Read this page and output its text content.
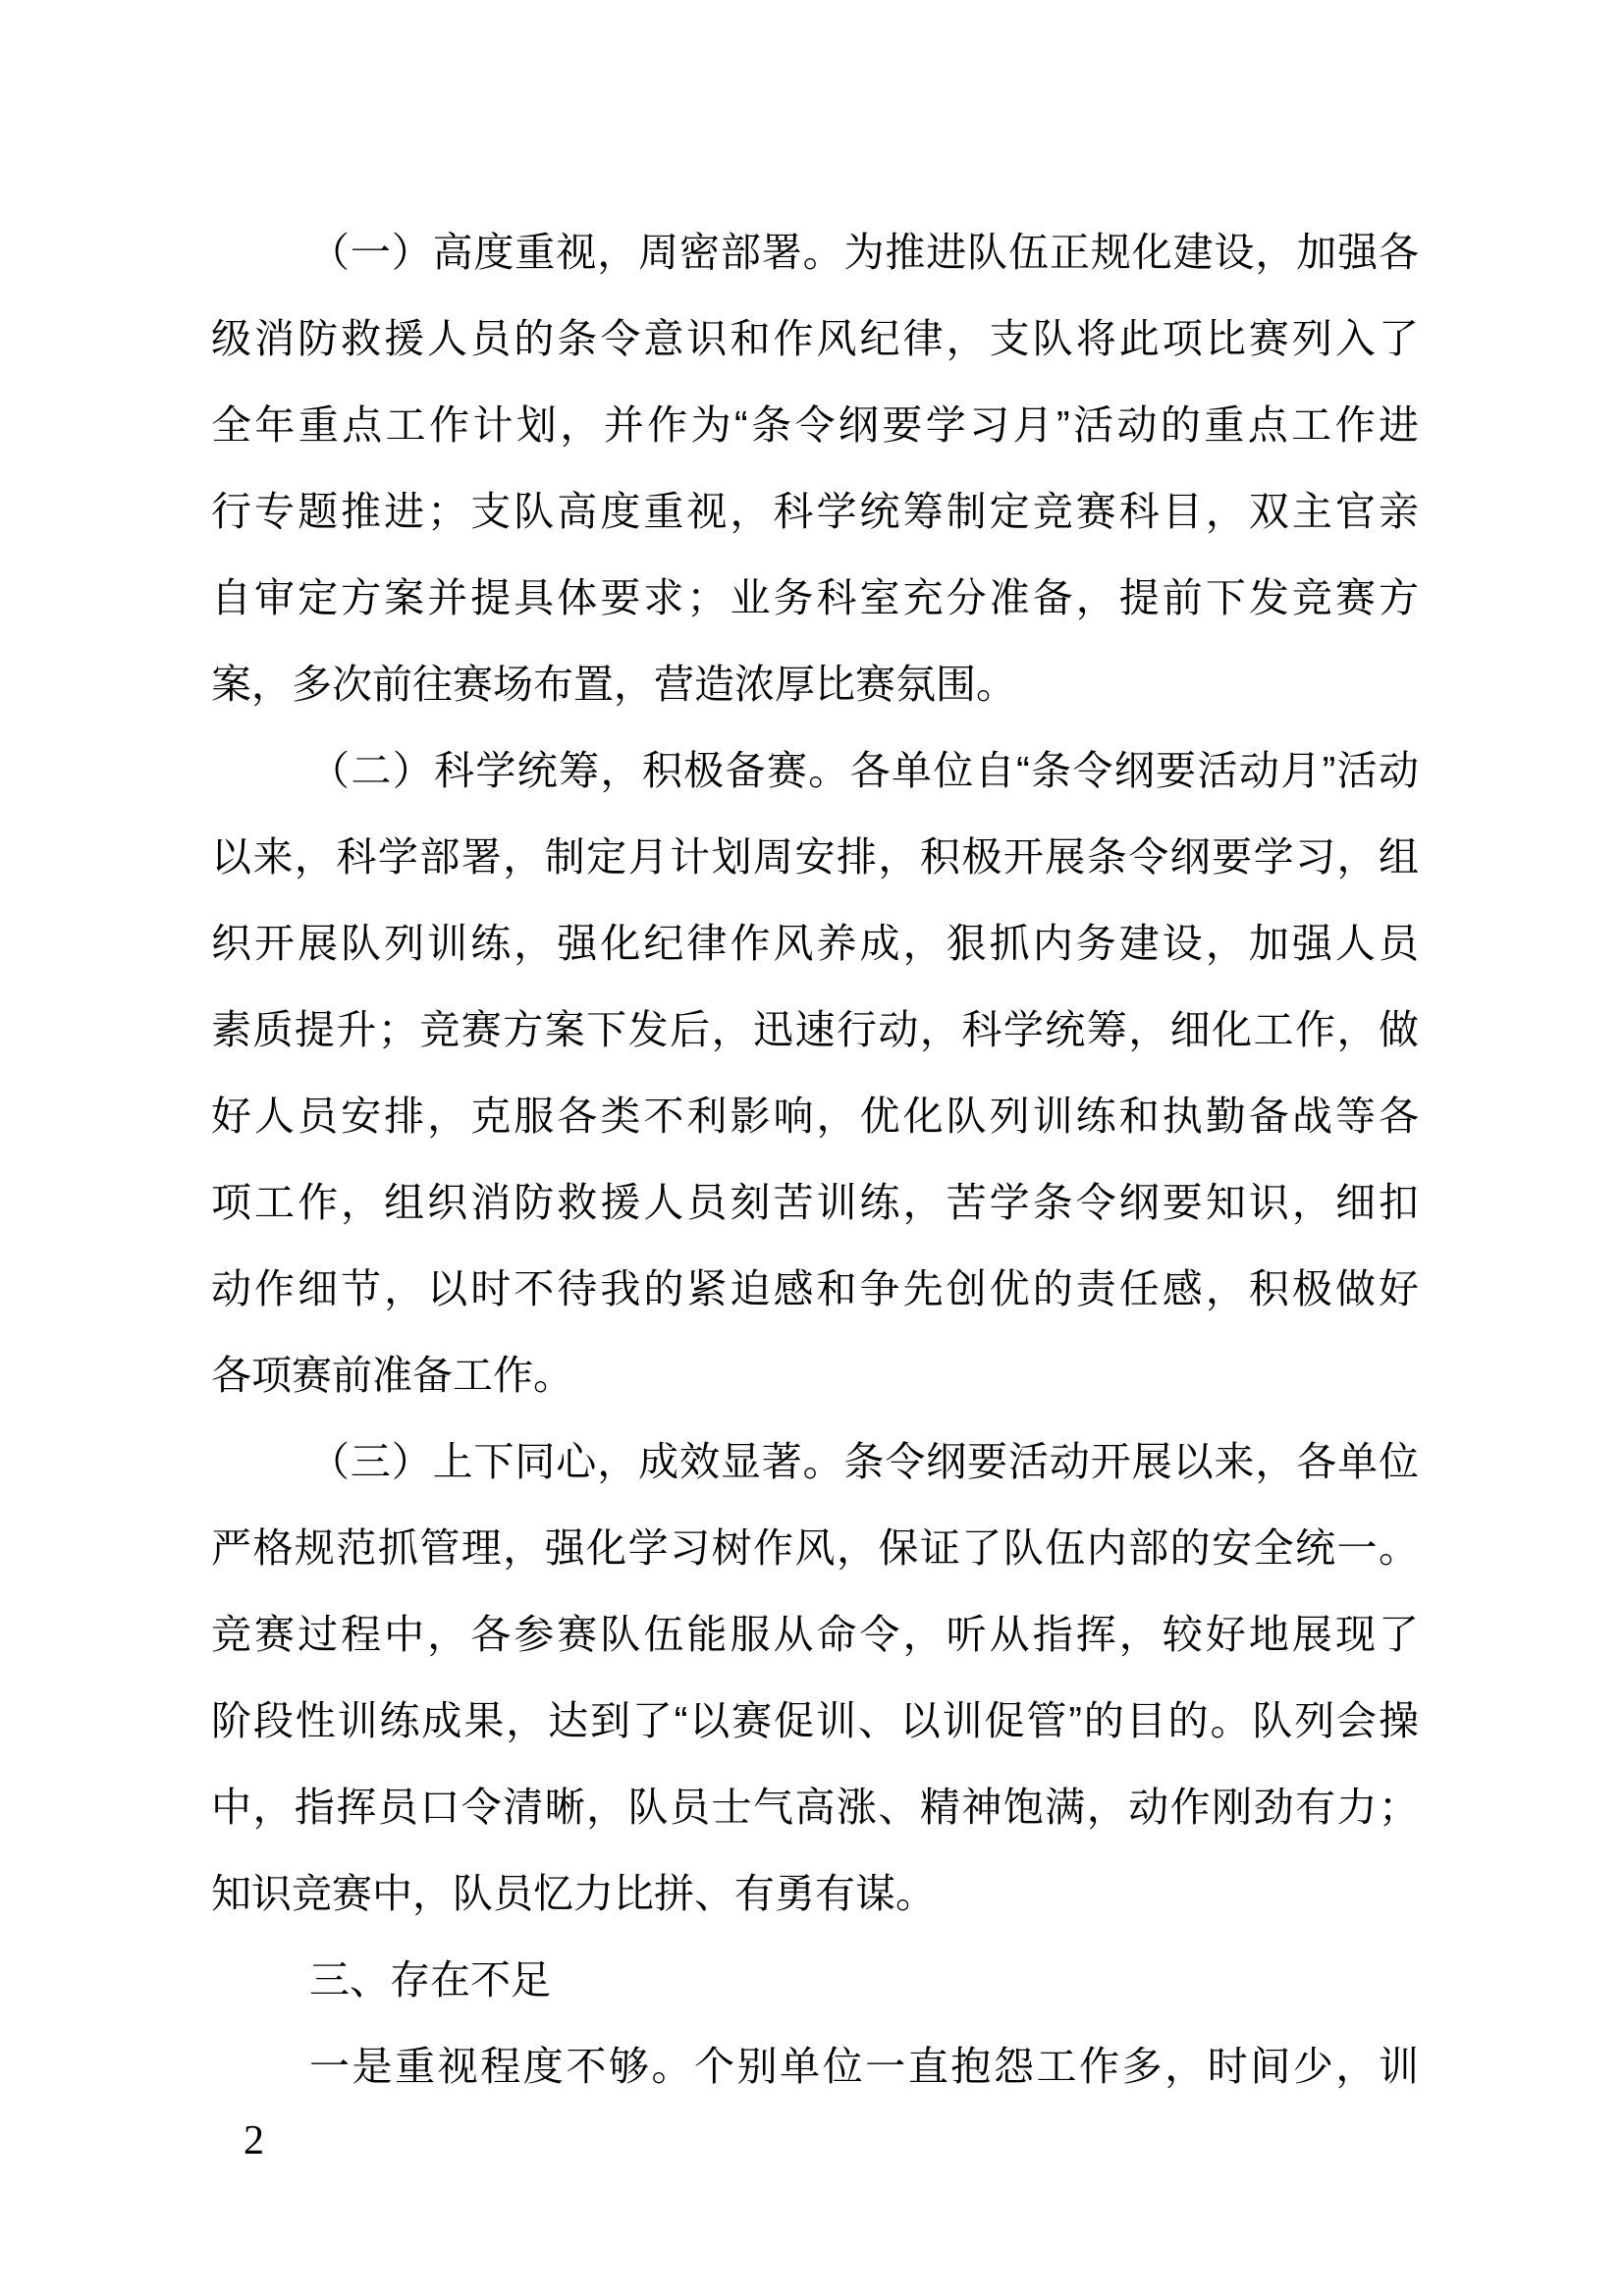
（一）高度重视，周密部署。为推进队伍正规化建设，加强各
级消防救援人员的条令意识和作风纪律，支队将此项比赛列入了
全年重点工作计划，并作为“条令纲要学习月”活动的重点工作进
行专题推进；支队高度重视，科学统筹制定竞赛科目，双主官亲
自审定方案并提具体要求；业务科室充分准备，提前下发竞赛方
案，多次前往赛场布置，营造浓厚比赛氛围。
（二）科学统筹，积极备赛。各单位自“条令纲要活动月”活动
以来，科学部署，制定月计划周安排，积极开展条令纲要学习，组
织开展队列训练，强化纪律作风养成，狠抓内务建设，加强人员
素质提升；竞赛方案下发后，迅速行动，科学统筹，细化工作，做
好人员安排，克服各类不利影响，优化队列训练和执勤备战等各
项工作，组织消防救援人员刻苦训练，苦学条令纲要知识，细扣
动作细节，以时不待我的紧迫感和争先创优的责任感，积极做好
各项赛前准备工作。
（三）上下同心，成效显著。条令纲要活动开展以来，各单位
严格规范抓管理，强化学习树作风，保证了队伍内部的安全统一。
竞赛过程中，各参赛队伍能服从命令，听从指挥，较好地展现了
阶段性训练成果，达到了“以赛促训、以训促管”的目的。队列会操
中，指挥员口令清晰，队员士气高涨、精神饱满，动作刚劲有力；
知识竞赛中，队员忆力比拼、有勇有谋。
三、存在不足
一是重视程度不够。个别单位一直抱怨工作多，时间少，训
2
